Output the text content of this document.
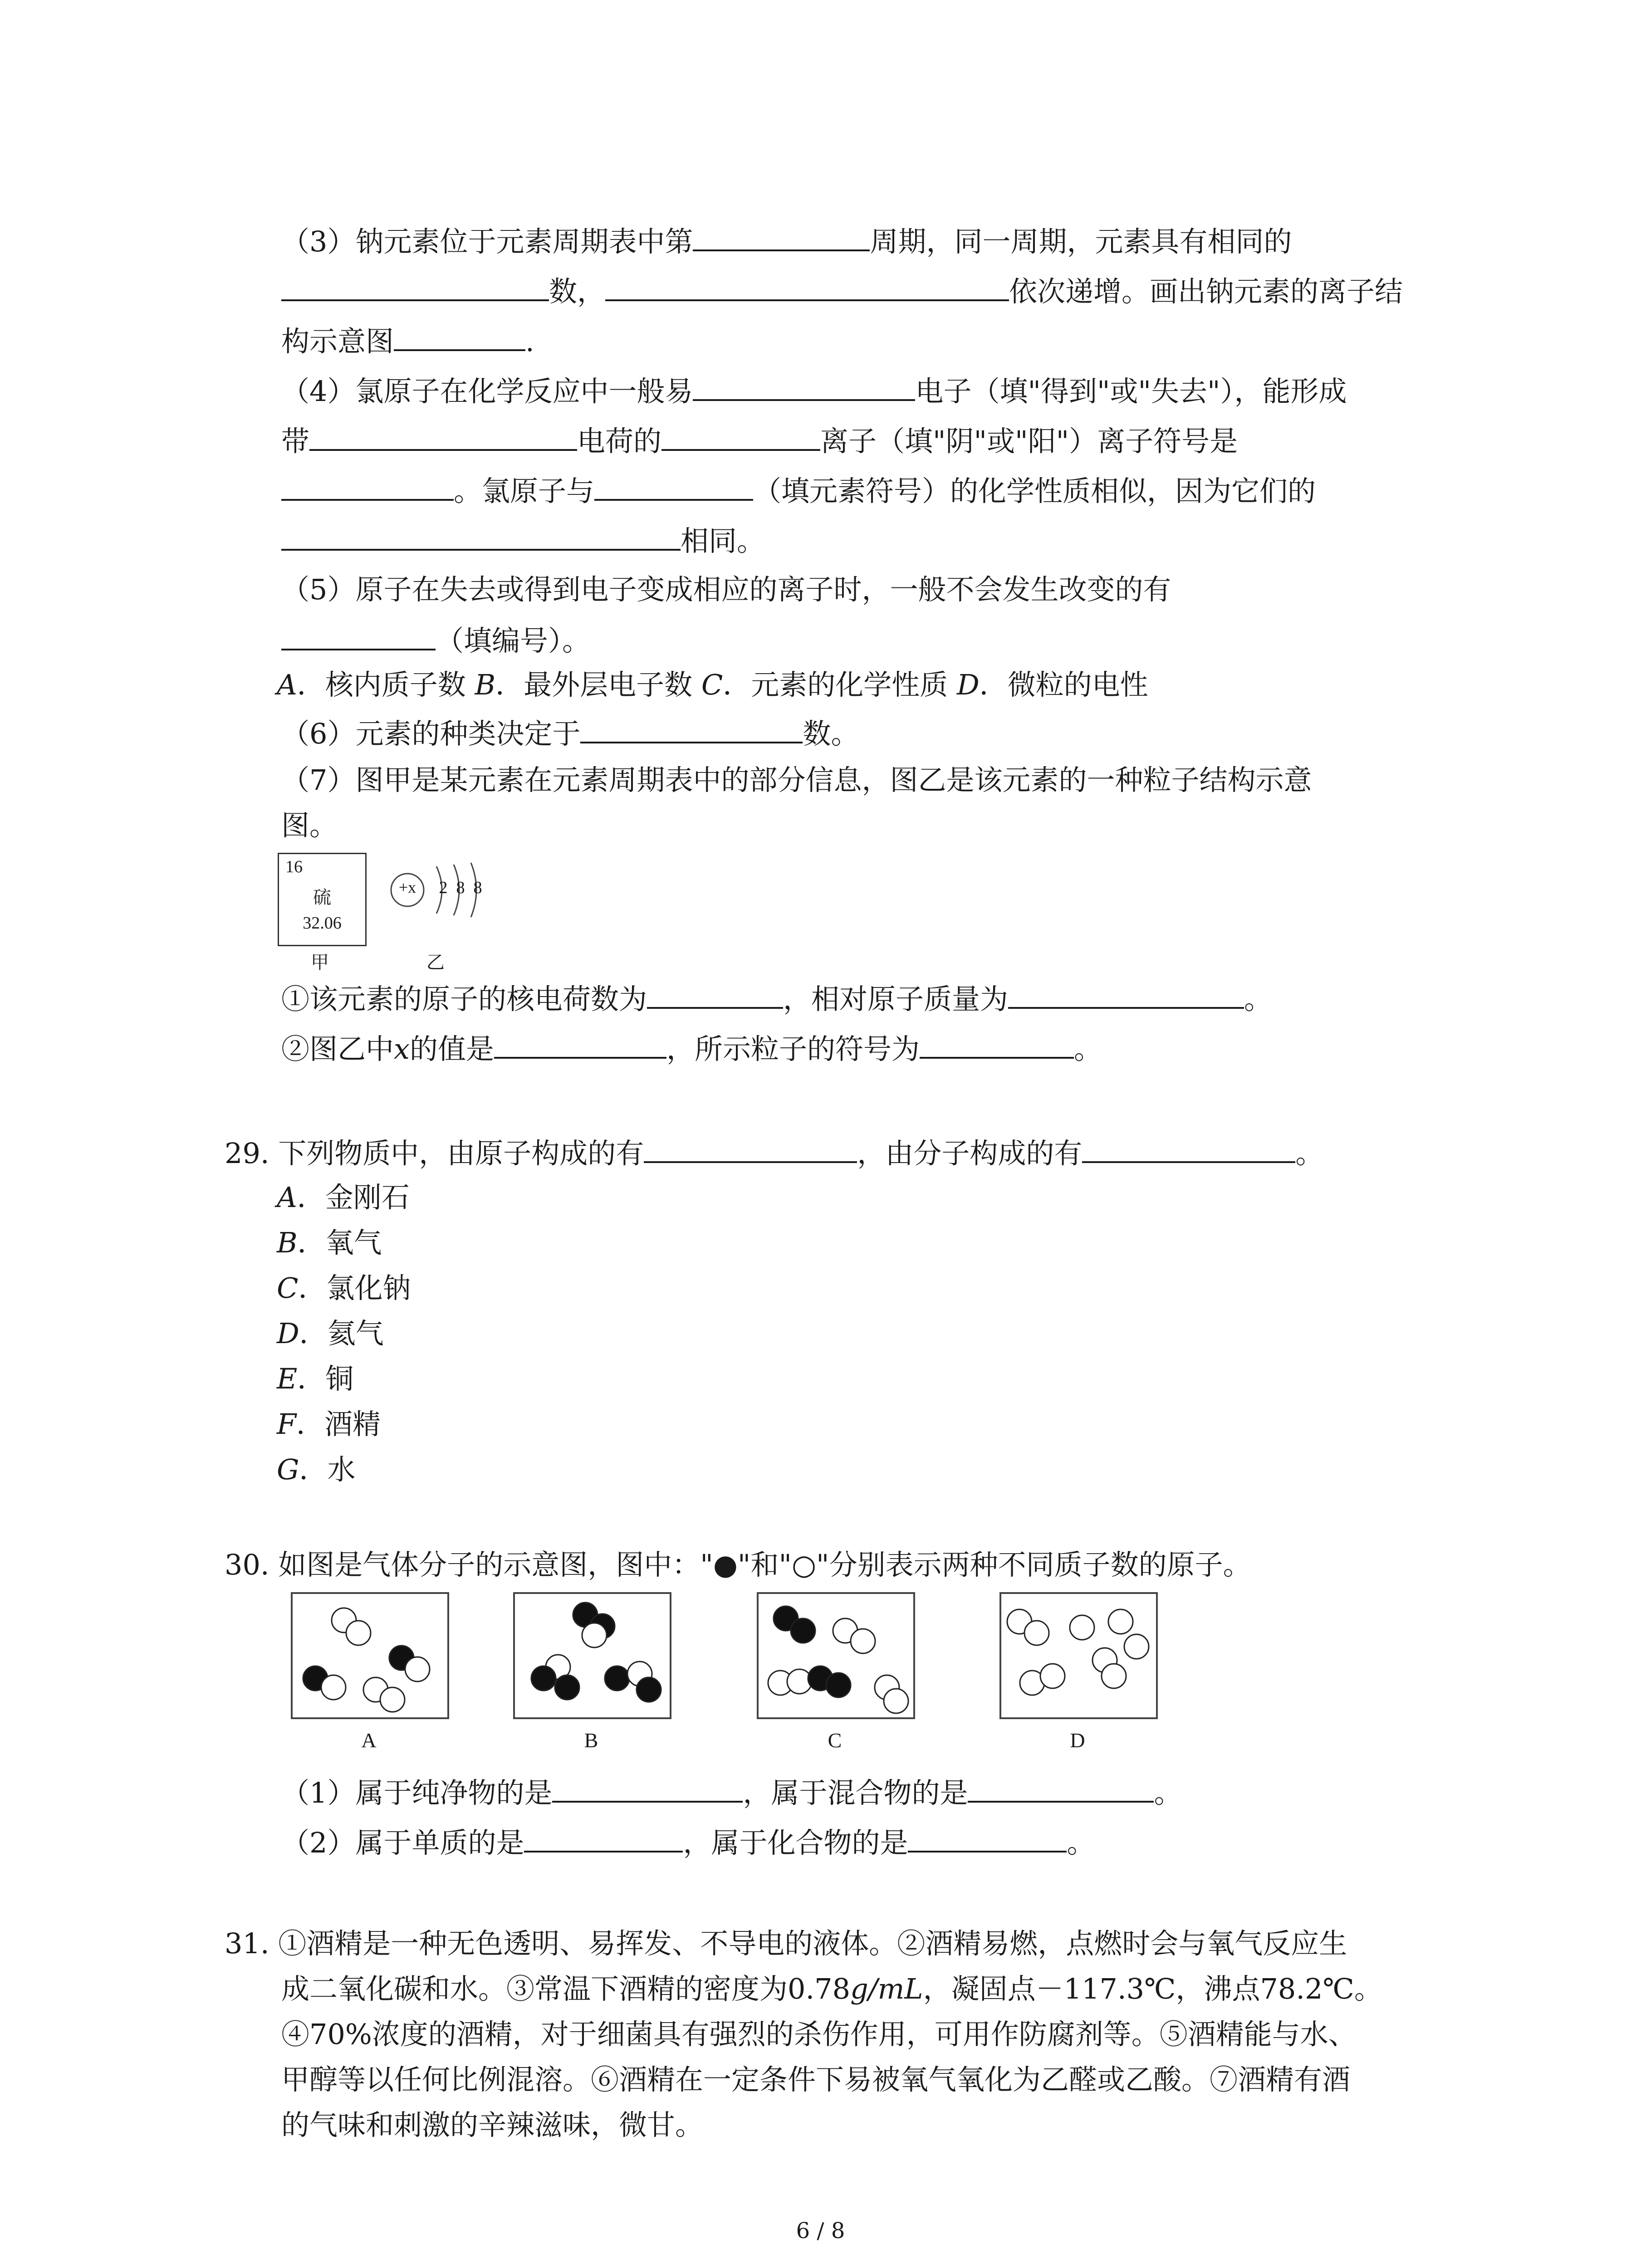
（3）钠元素位于元素周期表中第	周期，同一周期，元素具有相同的
数，	依次递增。画出钠元素的离子结
构示意图	.
（4）氯原子在化学反应中一般易	电子（填"得到"或"失去"），能形成
带	电荷的	离子（填"阴"或"阳"）离子符号是
。氯原子与	（填元素符号）的化学性质相似，因为它们的
相同。
（5）原子在失去或得到电子变成相应的离子时，一般不会发生改变的有
（填编号）。
A．核内质子数 B．最外层电子数 C．元素的化学性质 D．微粒的电性
（6）元素的种类决定于	数。
（7）图甲是某元素在元素周期表中的部分信息，图乙是该元素的一种粒子结构示意
图。
16
硫
32.06
甲
+x	2 8 8
乙
①该元素的原子的核电荷数为	，相对原子质量为	。
②图乙中x的值是	，所示粒子的符号为	。
29. 下列物质中，由原子构成的有	，由分子构成的有	。
A．金刚石
B．氧气
C．氯化钠
D．氦气
E．铜
F．酒精
G．水
30. 如图是气体分子的示意图，图中："●"和"○"分别表示两种不同质子数的原子。
A	B	C	D
（1）属于纯净物的是	，属于混合物的是	。
（2）属于单质的是	，属于化合物的是	。
31. ①酒精是一种无色透明、易挥发、不导电的液体。②酒精易燃，点燃时会与氧气反应生
成二氧化碳和水。③常温下酒精的密度为0.78g/mL，凝固点－117.3℃，沸点78.2℃。
④70%浓度的酒精，对于细菌具有强烈的杀伤作用，可用作防腐剂等。⑤酒精能与水、
甲醇等以任何比例混溶。⑥酒精在一定条件下易被氧气氧化为乙醛或乙酸。⑦酒精有酒
的气味和刺激的辛辣滋味，微甘。
6 / 8
